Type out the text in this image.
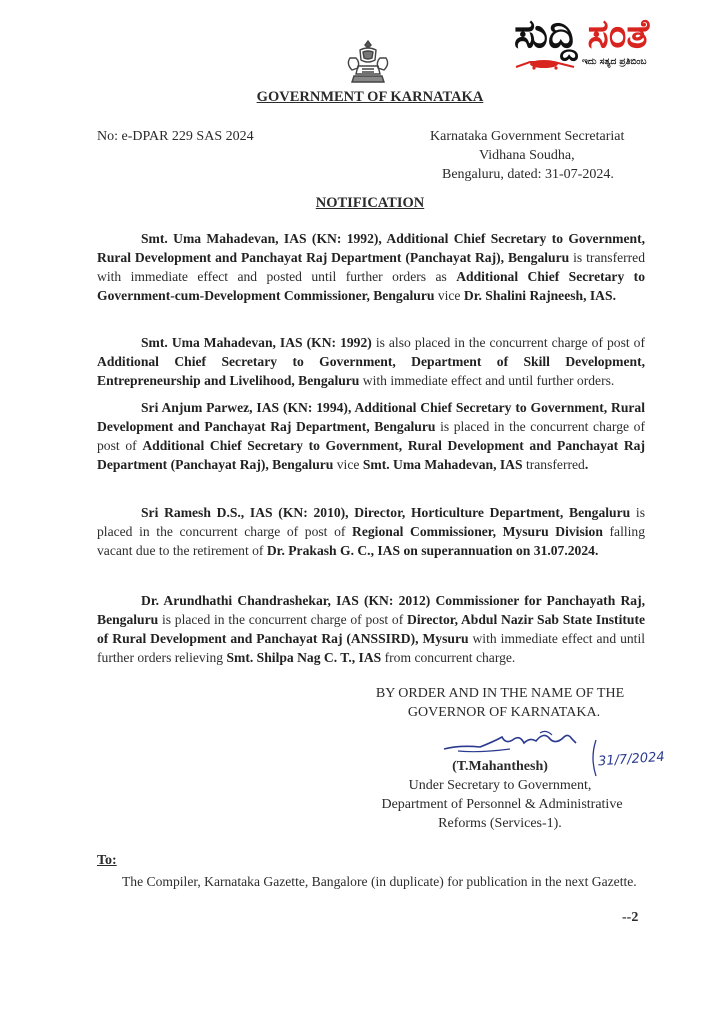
ಸುದ್ದಿ ಸಂತೆ
ಇದು ಸತ್ಯದ ಪ್ರತಿಬಿಂಬ
GOVERNMENT OF KARNATAKA
No: e-DPAR 229 SAS 2024	Karnataka Government Secretariat
Vidhana Soudha,
Bengaluru, dated: 31-07-2024.
NOTIFICATION
Smt. Uma Mahadevan, IAS (KN: 1992), Additional Chief Secretary to Government, Rural Development and Panchayat Raj Department (Panchayat Raj), Bengaluru is transferred with immediate effect and posted until further orders as Additional Chief Secretary to Government-cum-Development Commissioner, Bengaluru vice Dr. Shalini Rajneesh, IAS.
Smt. Uma Mahadevan, IAS (KN: 1992) is also placed in the concurrent charge of post of Additional Chief Secretary to Government, Department of Skill Development, Entrepreneurship and Livelihood, Bengaluru with immediate effect and until further orders.
Sri Anjum Parwez, IAS (KN: 1994), Additional Chief Secretary to Government, Rural Development and Panchayat Raj Department, Bengaluru is placed in the concurrent charge of post of Additional Chief Secretary to Government, Rural Development and Panchayat Raj Department (Panchayat Raj), Bengaluru vice Smt. Uma Mahadevan, IAS transferred.
Sri Ramesh D.S., IAS (KN: 2010), Director, Horticulture Department, Bengaluru is placed in the concurrent charge of post of Regional Commissioner, Mysuru Division falling vacant due to the retirement of Dr. Prakash G. C., IAS on superannuation on 31.07.2024.
Dr. Arundhathi Chandrashekar, IAS (KN: 2012) Commissioner for Panchayath Raj, Bengaluru is placed in the concurrent charge of post of Director, Abdul Nazir Sab State Institute of Rural Development and Panchayat Raj (ANSSIRD), Mysuru with immediate effect and until further orders relieving Smt. Shilpa Nag C. T., IAS from concurrent charge.
BY ORDER AND IN THE NAME OF THE
GOVERNOR OF KARNATAKA.
31/7/2024
(T.Mahanthesh)
Under Secretary to Government,
Department of Personnel & Administrative
Reforms (Services-1).
To:
The Compiler, Karnataka Gazette, Bangalore (in duplicate) for publication in the next Gazette.
--2
